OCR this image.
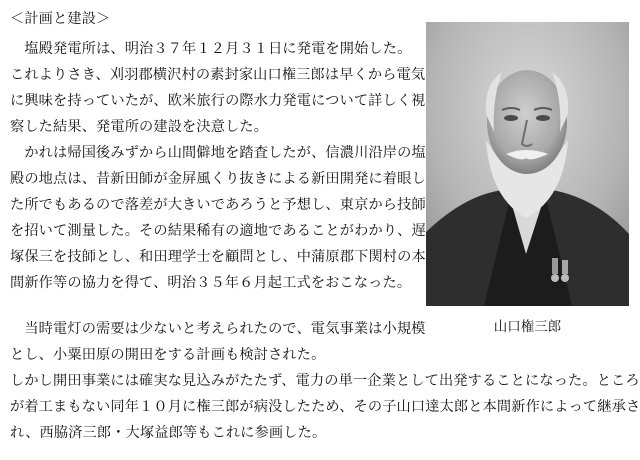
＜計画と建設＞
　塩殿発電所は、明治３７年１２月３１日に発電を開始した。
これよりさき、刈羽郡横沢村の素封家山口権三郎は早くから電気
に興味を持っていたが、欧米旅行の際水力発電について詳しく視
察した結果、発電所の建設を決意した。
　かれは帰国後みずから山間僻地を踏査したが、信濃川沿岸の塩
殿の地点は、昔新田師が金屏風くり抜きによる新田開発に着眼し
た所でもあるので落差が大きいであろうと予想し、東京から技師
を招いて測量した。その結果稀有の適地であることがわかり、遅
塚保三を技師とし、和田理学士を顧問とし、中蒲原郡下関村の本
間新作等の協力を得て、明治３５年６月起工式をおこなった。
　当時電灯の需要は少ないと考えられたので、電気事業は小規模
とし、小粟田原の開田をする計画も検討された。
しかし開田事業には確実な見込みがたたず、電力の単一企業として出発することになった。ところ
が着工まもない同年１０月に権三郎が病没したため、その子山口達太郎と本間新作によって継承さ
れ、西脇済三郎・大塚益郎等もこれに参画した。
山口権三郎
